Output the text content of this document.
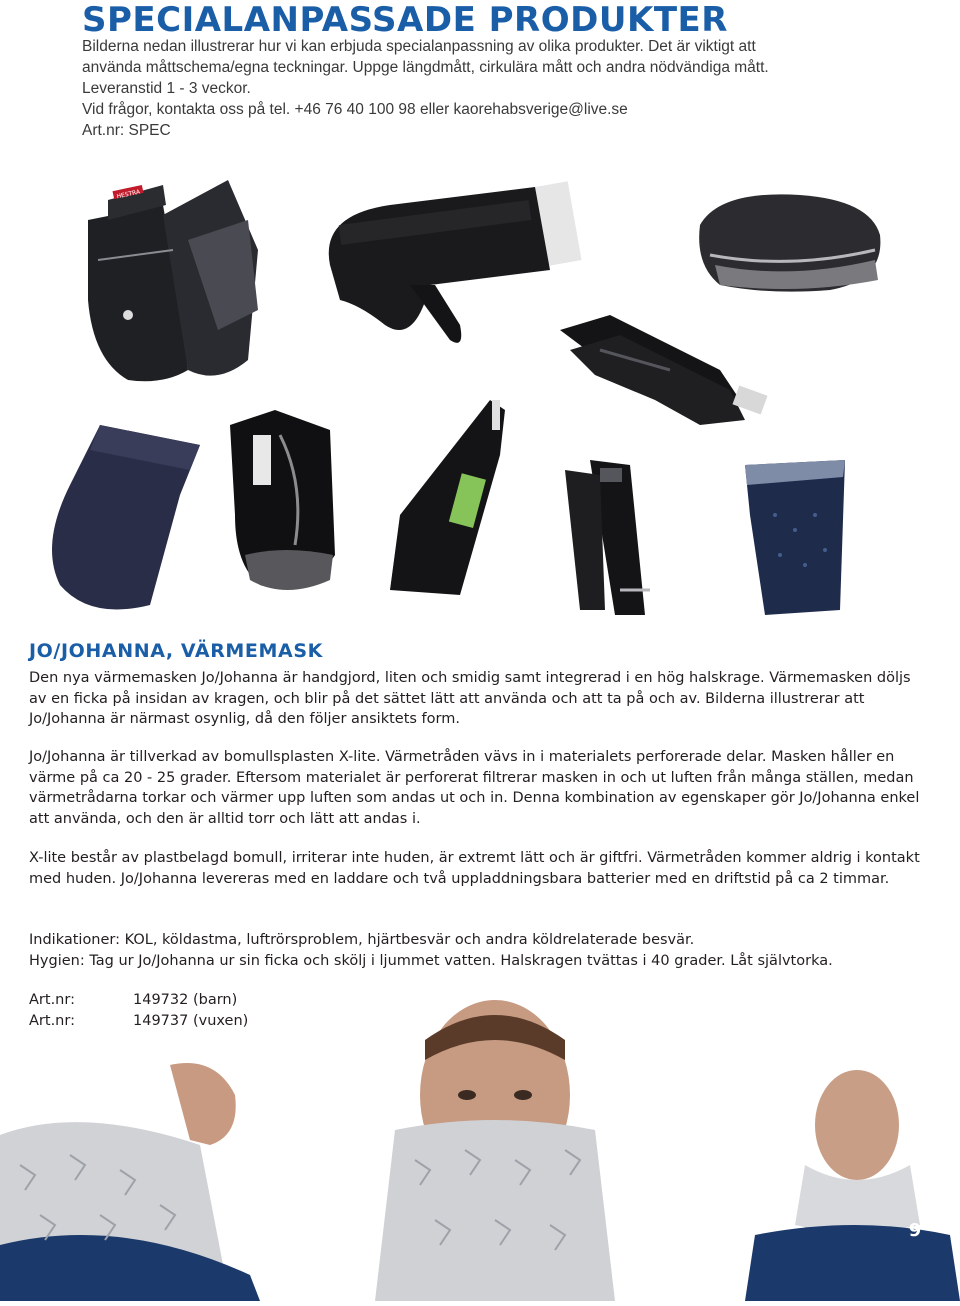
SPECIALANPASSADE PRODUKTER
Bilderna nedan illustrerar hur vi kan erbjuda specialanpassning av olika produkter. Det är viktigt att
använda måttschema/egna teckningar. Uppge längdmått, cirkulära mått och andra nödvändiga mått.
Leveranstid 1 - 3 veckor.
Vid frågor, kontakta oss på tel. +46 76 40 100 98 eller kaorehabsverige@live.se
Art.nr: SPEC
HESTRA
JO/JOHANNA, VÄRMEMASK

Den nya värmemasken Jo/Johanna är handgjord, liten och smidig samt integrerad i en hög halskrage. Värmemasken döljs av en ficka på insidan av kragen, och blir på det sättet lätt att använda och att ta på och av. Bilderna illustrerar att Jo/Johanna är närmast osynlig, då den följer ansiktets form.

Jo/Johanna är tillverkad av bomullsplasten X-lite. Värmetråden vävs in i materialets perforerade delar. Masken håller en värme på ca 20 - 25 grader. Eftersom materialet är perforerat filtrerar masken in och ut luften från många ställen, medan värmetrådarna torkar och värmer upp luften som andas ut och in. Denna kombination av egenskaper gör Jo/Johanna enkel att använda, och den är alltid torr och lätt att andas i.

X-lite består av plastbelagd bomull, irriterar inte huden, är extremt lätt och är giftfri. Värmetråden kommer aldrig i kontakt med huden. Jo/Johanna levereras med en laddare och två uppladdningsbara batterier med en driftstid på ca 2 timmar.

Indikationer: KOL, köldastma, luftrörsproblem, hjärtbesvär och andra köldrelaterade besvär.

Hygien: Tag ur Jo/Johanna ur sin ficka och skölj i ljummet vatten. Halskragen tvättas i 40 grader. Låt självtorka.

Art.nr:	149732 (barn)
Art.nr:	149737 (vuxen)
9
